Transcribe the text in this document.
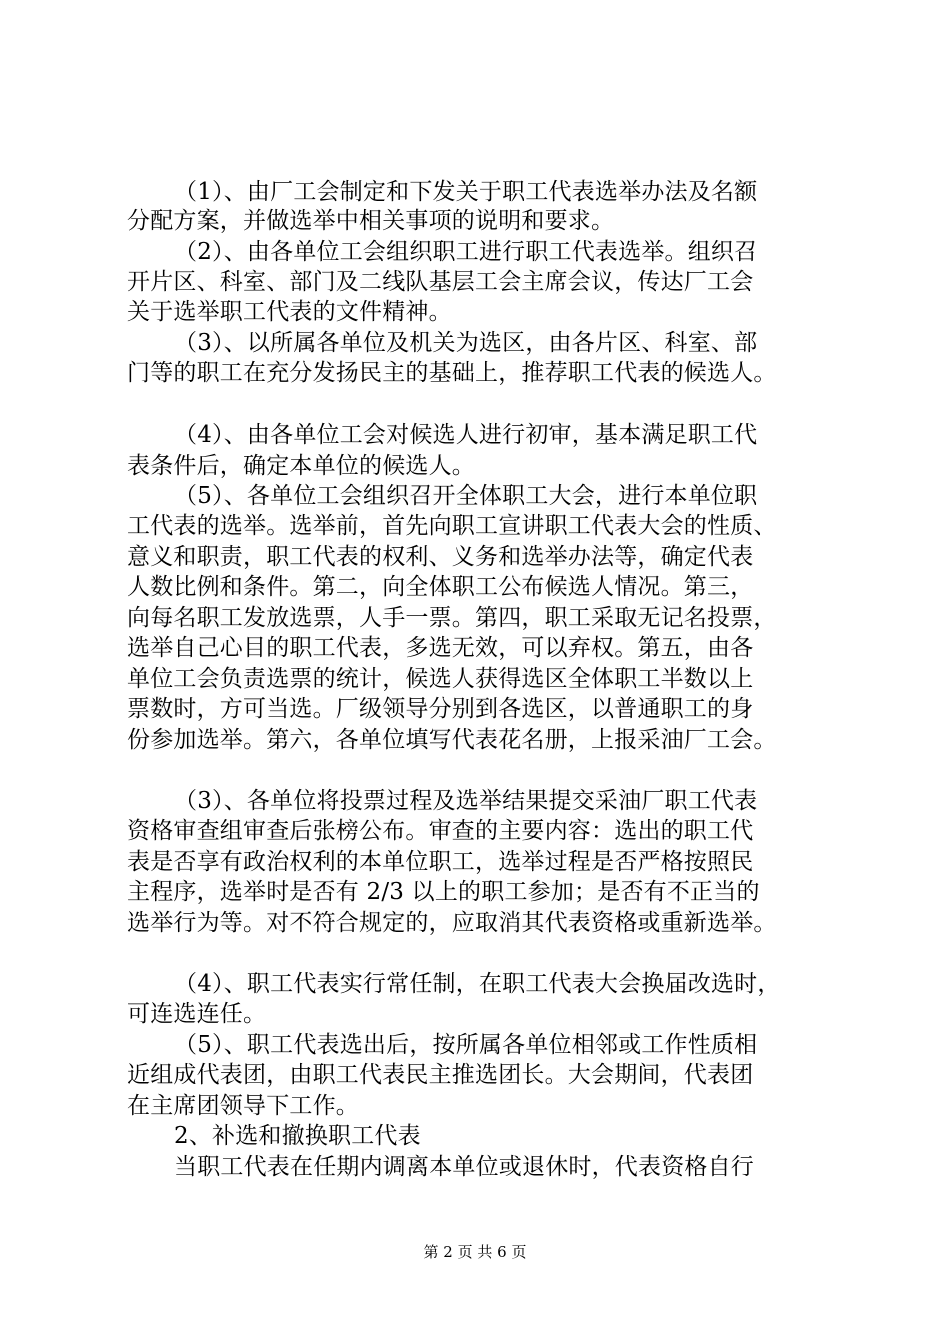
（1）、由厂工会制定和下发关于职工代表选举办法及名额
分配方案，并做选举中相关事项的说明和要求。
（2）、由各单位工会组织职工进行职工代表选举。组织召
开片区、科室、部门及二线队基层工会主席会议，传达厂工会
关于选举职工代表的文件精神。
（3）、以所属各单位及机关为选区，由各片区、科室、部
门等的职工在充分发扬民主的基础上，推荐职工代表的候选人。
（4）、由各单位工会对候选人进行初审，基本满足职工代
表条件后，确定本单位的候选人。
（5）、各单位工会组织召开全体职工大会，进行本单位职
工代表的选举。选举前，首先向职工宣讲职工代表大会的性质、
意义和职责，职工代表的权利、义务和选举办法等，确定代表
人数比例和条件。第二，向全体职工公布候选人情况。第三，
向每名职工发放选票，人手一票。第四，职工采取无记名投票，
选举自己心目的职工代表，多选无效，可以弃权。第五，由各
单位工会负责选票的统计，候选人获得选区全体职工半数以上
票数时，方可当选。厂级领导分别到各选区，以普通职工的身
份参加选举。第六，各单位填写代表花名册，上报采油厂工会。
（3）、各单位将投票过程及选举结果提交采油厂职工代表
资格审查组审查后张榜公布。审查的主要内容：选出的职工代
表是否享有政治权利的本单位职工，选举过程是否严格按照民
主程序，选举时是否有 2/3 以上的职工参加；是否有不正当的
选举行为等。对不符合规定的，应取消其代表资格或重新选举。
（4）、职工代表实行常任制，在职工代表大会换届改选时，
可连选连任。
（5）、职工代表选出后，按所属各单位相邻或工作性质相
近组成代表团，由职工代表民主推选团长。大会期间，代表团
在主席团领导下工作。
2、补选和撤换职工代表
当职工代表在任期内调离本单位或退休时，代表资格自行
第 2 页 共 6 页
